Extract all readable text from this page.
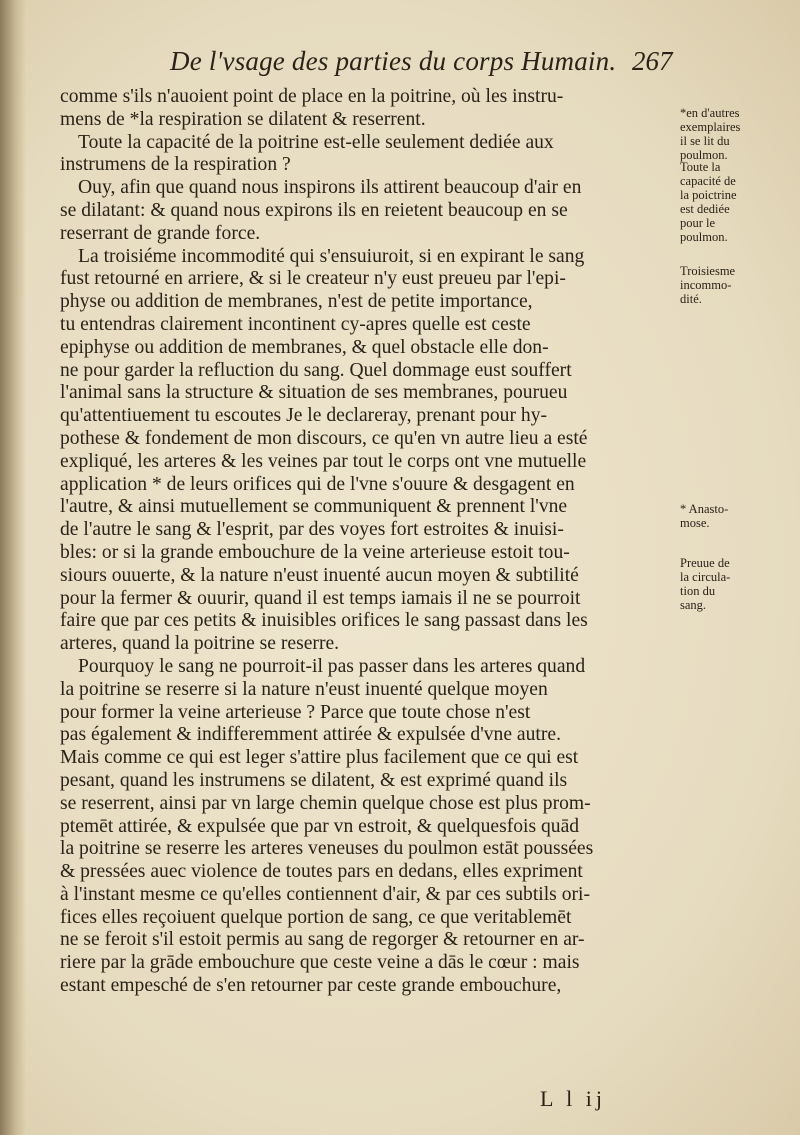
De l'vsage des parties du corps Humain. 267
comme s'ils n'auoient point de place en la poitrine, où les instru-
mens de *la respiration se dilatent & reserrent.
Toute la capacité de la poitrine est-elle seulement dediée aux
instrumens de la respiration ?
Ouy, afin que quand nous inspirons ils attirent beaucoup d'air en
se dilatant: & quand nous expirons ils en reietent beaucoup en se
reserrant de grande force.
La troisiéme incommodité qui s'ensuiuroit, si en expirant le sang
fust retourné en arriere, & si le createur n'y eust preueu par l'epi-
physe ou addition de membranes, n'est de petite importance,
tu entendras clairement incontinent cy-apres quelle est ceste
epiphyse ou addition de membranes, & quel obstacle elle don-
ne pour garder la refluction du sang. Quel dommage eust souffert
l'animal sans la structure & situation de ses membranes, pourueu
qu'attentiuement tu escoutes Je le declareray, prenant pour hy-
pothese & fondement de mon discours, ce qu'en vn autre lieu a esté
expliqué, les arteres & les veines par tout le corps ont vne mutuelle
application * de leurs orifices qui de l'vne s'ouure & desgagent en
l'autre, & ainsi mutuellement se communiquent & prennent l'vne
de l'autre le sang & l'esprit, par des voyes fort estroites & inuisi-
bles: or si la grande embouchure de la veine arterieuse estoit tou-
siours ouuerte, & la nature n'eust inuenté aucun moyen & subtilité
pour la fermer & ouurir, quand il est temps iamais il ne se pourroit
faire que par ces petits & inuisibles orifices le sang passast dans les
arteres, quand la poitrine se reserre.
Pourquoy le sang ne pourroit-il pas passer dans les arteres quand
la poitrine se reserre si la nature n'eust inuenté quelque moyen
pour former la veine arterieuse ? Parce que toute chose n'est
pas également & indifferemment attirée & expulsée d'vne autre.
Mais comme ce qui est leger s'attire plus facilement que ce qui est
pesant, quand les instrumens se dilatent, & est exprimé quand ils
se reserrent, ainsi par vn large chemin quelque chose est plus prom-
ptemēt attirée, & expulsée que par vn estroit, & quelquesfois quād
la poitrine se reserre les arteres veneuses du poulmon estāt poussées
& pressées auec violence de toutes pars en dedans, elles expriment
à l'instant mesme ce qu'elles contiennent d'air, & par ces subtils ori-
fices elles reçoiuent quelque portion de sang, ce que veritablemēt
ne se feroit s'il estoit permis au sang de regorger & retourner en ar-
riere par la grāde embouchure que ceste veine a dās le cœur : mais
estant empesché de s'en retourner par ceste grande embouchure,
*en d'autres
exemplaires
il se lit du
poulmon.
Toute la
capacité de
la poictrine
est dediée
pour le
poulmon.
Troisiesme
incommo-
dité.
* Anasto-
mose.
Preuue de
la circula-
tion du
sang.
L l ij
